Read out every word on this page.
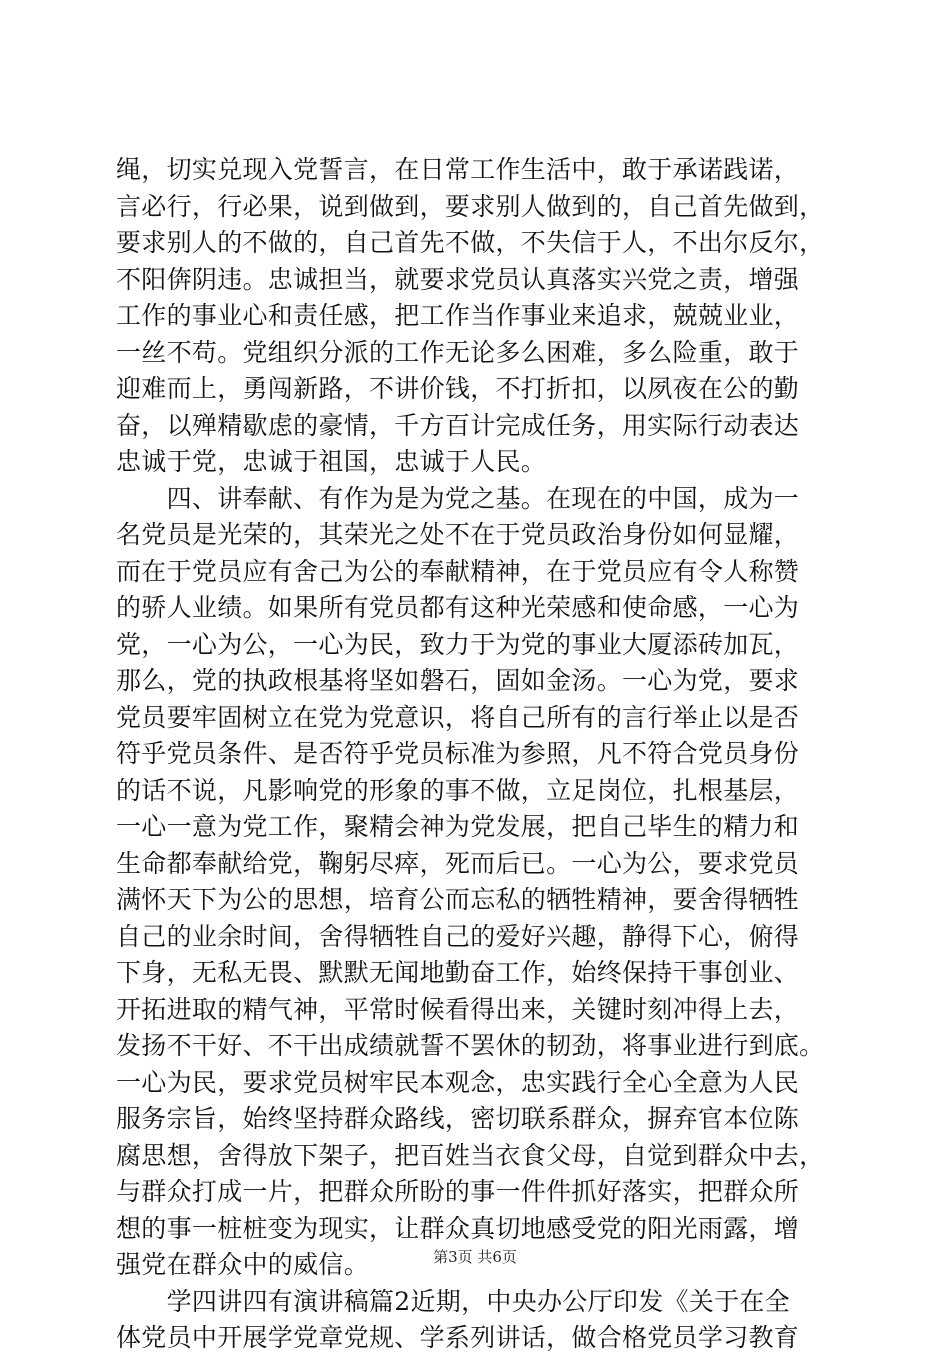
绳，切实兑现入党誓言，在日常工作生活中，敢于承诺践诺，
言必行，行必果，说到做到，要求别人做到的，自己首先做到，
要求别人的不做的，自己首先不做，不失信于人，不出尔反尔，
不阳倴阴违。忠诚担当，就要求党员认真落实兴党之责，增强
工作的事业心和责任感，把工作当作事业来追求，兢兢业业，
一丝不苟。党组织分派的工作无论多么困难，多么险重，敢于
迎难而上，勇闯新路，不讲价钱，不打折扣，以夙夜在公的勤
奋，以殚精歇虑的豪情，千方百计完成任务，用实际行动表达
忠诚于党，忠诚于祖国，忠诚于人民。
　　四、讲奉献、有作为是为党之基。在现在的中国，成为一
名党员是光荣的，其荣光之处不在于党员政治身份如何显耀，
而在于党员应有舍己为公的奉献精神，在于党员应有令人称赞
的骄人业绩。如果所有党员都有这种光荣感和使命感，一心为
党，一心为公，一心为民，致力于为党的事业大厦添砖加瓦，
那么，党的执政根基将坚如磐石，固如金汤。一心为党，要求
党员要牢固树立在党为党意识，将自己所有的言行举止以是否
符乎党员条件、是否符乎党员标准为参照，凡不符合党员身份
的话不说，凡影响党的形象的事不做，立足岗位，扎根基层，
一心一意为党工作，聚精会神为党发展，把自己毕生的精力和
生命都奉献给党，鞠躬尽瘁，死而后已。一心为公，要求党员
满怀天下为公的思想，培育公而忘私的牺牲精神，要舍得牺牲
自己的业余时间，舍得牺牲自己的爱好兴趣，静得下心，俯得
下身，无私无畏、默默无闻地勤奋工作，始终保持干事创业、
开拓进取的精气神，平常时候看得出来，关键时刻冲得上去，
发扬不干好、不干出成绩就誓不罢休的韧劲，将事业进行到底。
一心为民，要求党员树牢民本观念，忠实践行全心全意为人民
服务宗旨，始终坚持群众路线，密切联系群众，摒弃官本位陈
腐思想，舍得放下架子，把百姓当衣食父母，自觉到群众中去，
与群众打成一片，把群众所盼的事一件件抓好落实，把群众所
想的事一桩桩变为现实，让群众真切地感受党的阳光雨露，增
强党在群众中的威信。
　　学四讲四有演讲稿篇2近期，中央办公厅印发《关于在全
体党员中开展学党章党规、学系列讲话，做合格党员学习教育
第3页 共6页
